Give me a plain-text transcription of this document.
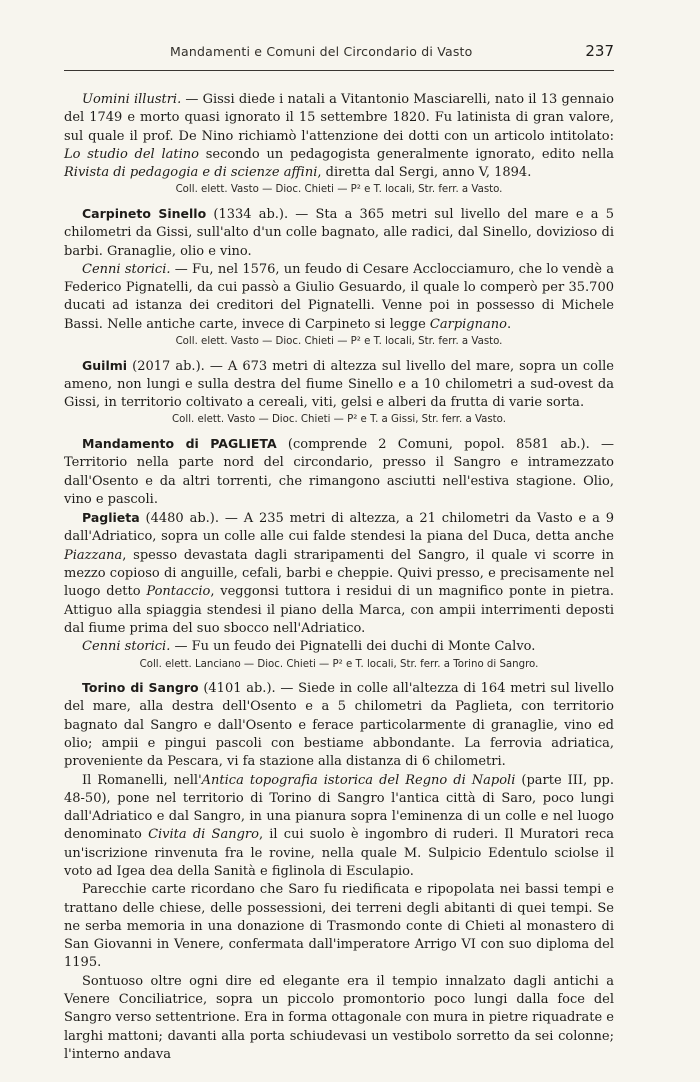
Mandamenti e Comuni del Circondario di Vasto	237

Uomini illustri. — Gissi diede i natali a Vitantonio Masciarelli, nato il 13 gennaio del 1749 e morto quasi ignorato il 15 settembre 1820. Fu latinista di gran valore, sul quale il prof. De Nino richiamò l'attenzione dei dotti con un articolo intitolato: Lo studio del latino secondo un pedagogista generalmente ignorato, edito nella Rivista di pedagogia e di scienze affini, diretta dal Sergi, anno V, 1894.

Coll. elett. Vasto — Dioc. Chieti — P² e T. locali, Str. ferr. a Vasto.

Carpineto Sinello (1334 ab.). — Sta a 365 metri sul livello del mare e a 5 chilometri da Gissi, sull'alto d'un colle bagnato, alle radici, dal Sinello, dovizioso di barbi. Granaglie, olio e vino.

Cenni storici. — Fu, nel 1576, un feudo di Cesare Acclocciamuro, che lo vendè a Federico Pignatelli, da cui passò a Giulio Gesuardo, il quale lo comperò per 35.700 ducati ad istanza dei creditori del Pignatelli. Venne poi in possesso di Michele Bassi. Nelle antiche carte, invece di Carpineto si legge Carpignano.

Coll. elett. Vasto — Dioc. Chieti — P² e T. locali, Str. ferr. a Vasto.

Guilmi (2017 ab.). — A 673 metri di altezza sul livello del mare, sopra un colle ameno, non lungi e sulla destra del fiume Sinello e a 10 chilometri a sud-ovest da Gissi, in territorio coltivato a cereali, viti, gelsi e alberi da frutta di varie sorta.

Coll. elett. Vasto — Dioc. Chieti — P² e T. a Gissi, Str. ferr. a Vasto.

Mandamento di PAGLIETA (comprende 2 Comuni, popol. 8581 ab.). — Territorio nella parte nord del circondario, presso il Sangro e intramezzato dall'Osento e da altri torrenti, che rimangono asciutti nell'estiva stagione. Olio, vino e pascoli.

Paglieta (4480 ab.). — A 235 metri di altezza, a 21 chilometri da Vasto e a 9 dall'Adriatico, sopra un colle alle cui falde stendesi la piana del Duca, detta anche Piazzana, spesso devastata dagli straripamenti del Sangro, il quale vi scorre in mezzo copioso di anguille, cefali, barbi e cheppie. Quivi presso, e precisamente nel luogo detto Pontaccio, veggonsi tuttora i residui di un magnifico ponte in pietra. Attiguo alla spiaggia stendesi il piano della Marca, con ampii interrimenti deposti dal fiume prima del suo sbocco nell'Adriatico.

Cenni storici. — Fu un feudo dei Pignatelli dei duchi di Monte Calvo.

Coll. elett. Lanciano — Dioc. Chieti — P² e T. locali, Str. ferr. a Torino di Sangro.

Torino di Sangro (4101 ab.). — Siede in colle all'altezza di 164 metri sul livello del mare, alla destra dell'Osento e a 5 chilometri da Paglieta, con territorio bagnato dal Sangro e dall'Osento e ferace particolarmente di granaglie, vino ed olio; ampii e pingui pascoli con bestiame abbondante. La ferrovia adriatica, proveniente da Pescara, vi fa stazione alla distanza di 6 chilometri.

Il Romanelli, nell'Antica topografia istorica del Regno di Napoli (parte III, pp. 48-50), pone nel territorio di Torino di Sangro l'antica città di Saro, poco lungi dall'Adriatico e dal Sangro, in una pianura sopra l'eminenza di un colle e nel luogo denominato Civita di Sangro, il cui suolo è ingombro di ruderi. Il Muratori reca un'iscrizione rinvenuta fra le rovine, nella quale M. Sulpicio Edentulo sciolse il voto ad Igea dea della Sanità e figlinola di Esculapio.

Parecchie carte ricordano che Saro fu riedificata e ripopolata nei bassi tempi e trattano delle chiese, delle possessioni, dei terreni degli abitanti di quei tempi. Se ne serba memoria in una donazione di Trasmondo conte di Chieti al monastero di San Giovanni in Venere, confermata dall'imperatore Arrigo VI con suo diploma del 1195.

Sontuoso oltre ogni dire ed elegante era il tempio innalzato dagli antichi a Venere Conciliatrice, sopra un piccolo promontorio poco lungi dalla foce del Sangro verso settentrione. Era in forma ottagonale con mura in pietre riquadrate e larghi mattoni; davanti alla porta schiudevasi un vestibolo sorretto da sei colonne; l'interno andava
